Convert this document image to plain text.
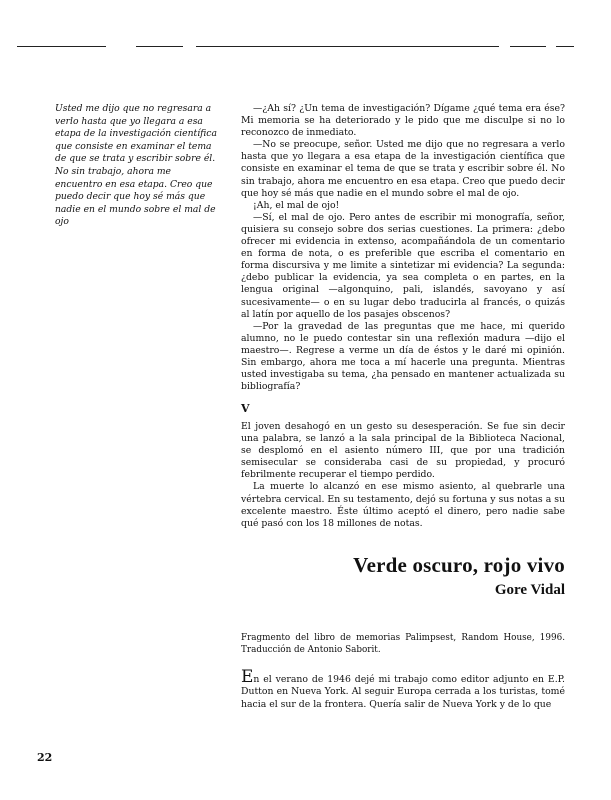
Usted me dijo que no regresara a verlo hasta que yo llegara a esa etapa de la investigación científica que consiste en examinar el tema de que se trata y escribir sobre él. No sin trabajo, ahora me encuentro en esa etapa. Creo que puedo decir que hoy sé más que nadie en el mundo sobre el mal de ojo

—¿Ah sí? ¿Un tema de investigación? Dígame ¿qué tema era ése? Mi memoria se ha deteriorado y le pido que me disculpe si no lo reconozco de inmediato.

—No se preocupe, señor. Usted me dijo que no regresara a verlo hasta que yo llegara a esa etapa de la investigación científica que consiste en examinar el tema de que se trata y escribir sobre él. No sin trabajo, ahora me encuentro en esa etapa. Creo que puedo decir que hoy sé más que nadie en el mundo sobre el mal de ojo.

¡Ah, el mal de ojo!

—Sí, el mal de ojo. Pero antes de escribir mi monografía, señor, quisiera su consejo sobre dos serias cuestiones. La primera: ¿debo ofrecer mi evidencia in extenso, acompañándola de un comentario en forma de nota, o es preferible que escriba el comentario en forma discursiva y me limite a sintetizar mi evidencia? La segunda: ¿debo publicar la evidencia, ya sea completa o en partes, en la lengua original —algonquino, pali, islandés, savoyano y así sucesivamente— o en su lugar debo traducirla al francés, o quizás al latín por aquello de los pasajes obscenos?

—Por la gravedad de las preguntas que me hace, mi querido alumno, no le puedo contestar sin una reflexión madura —dijo el maestro—. Regrese a verme un día de éstos y le daré mi opinión. Sin embargo, ahora me toca a mí hacerle una pregunta. Mientras usted investigaba su tema, ¿ha pensado en mantener actualizada su bibliografía?

V

El joven desahogó en un gesto su desesperación. Se fue sin decir una palabra, se lanzó a la sala principal de la Biblioteca Nacional, se desplomó en el asiento número III, que por una tradición semisecular se consideraba casi de su propiedad, y procuró febrilmente recuperar el tiempo perdido.

La muerte lo alcanzó en ese mismo asiento, al quebrarle una vértebra cervical. En su testamento, dejó su fortuna y sus notas a su excelente maestro. Éste último aceptó el dinero, pero nadie sabe qué pasó con los 18 millones de notas.

Verde oscuro, rojo vivo
Gore Vidal

Fragmento del libro de memorias Palimpsest, Random House, 1996. Traducción de Antonio Saborit.

En el verano de 1946 dejé mi trabajo como editor adjunto en E.P. Dutton en Nueva York. Al seguir Europa cerrada a los turistas, tomé hacia el sur de la frontera. Quería salir de Nueva York y de lo que

22
